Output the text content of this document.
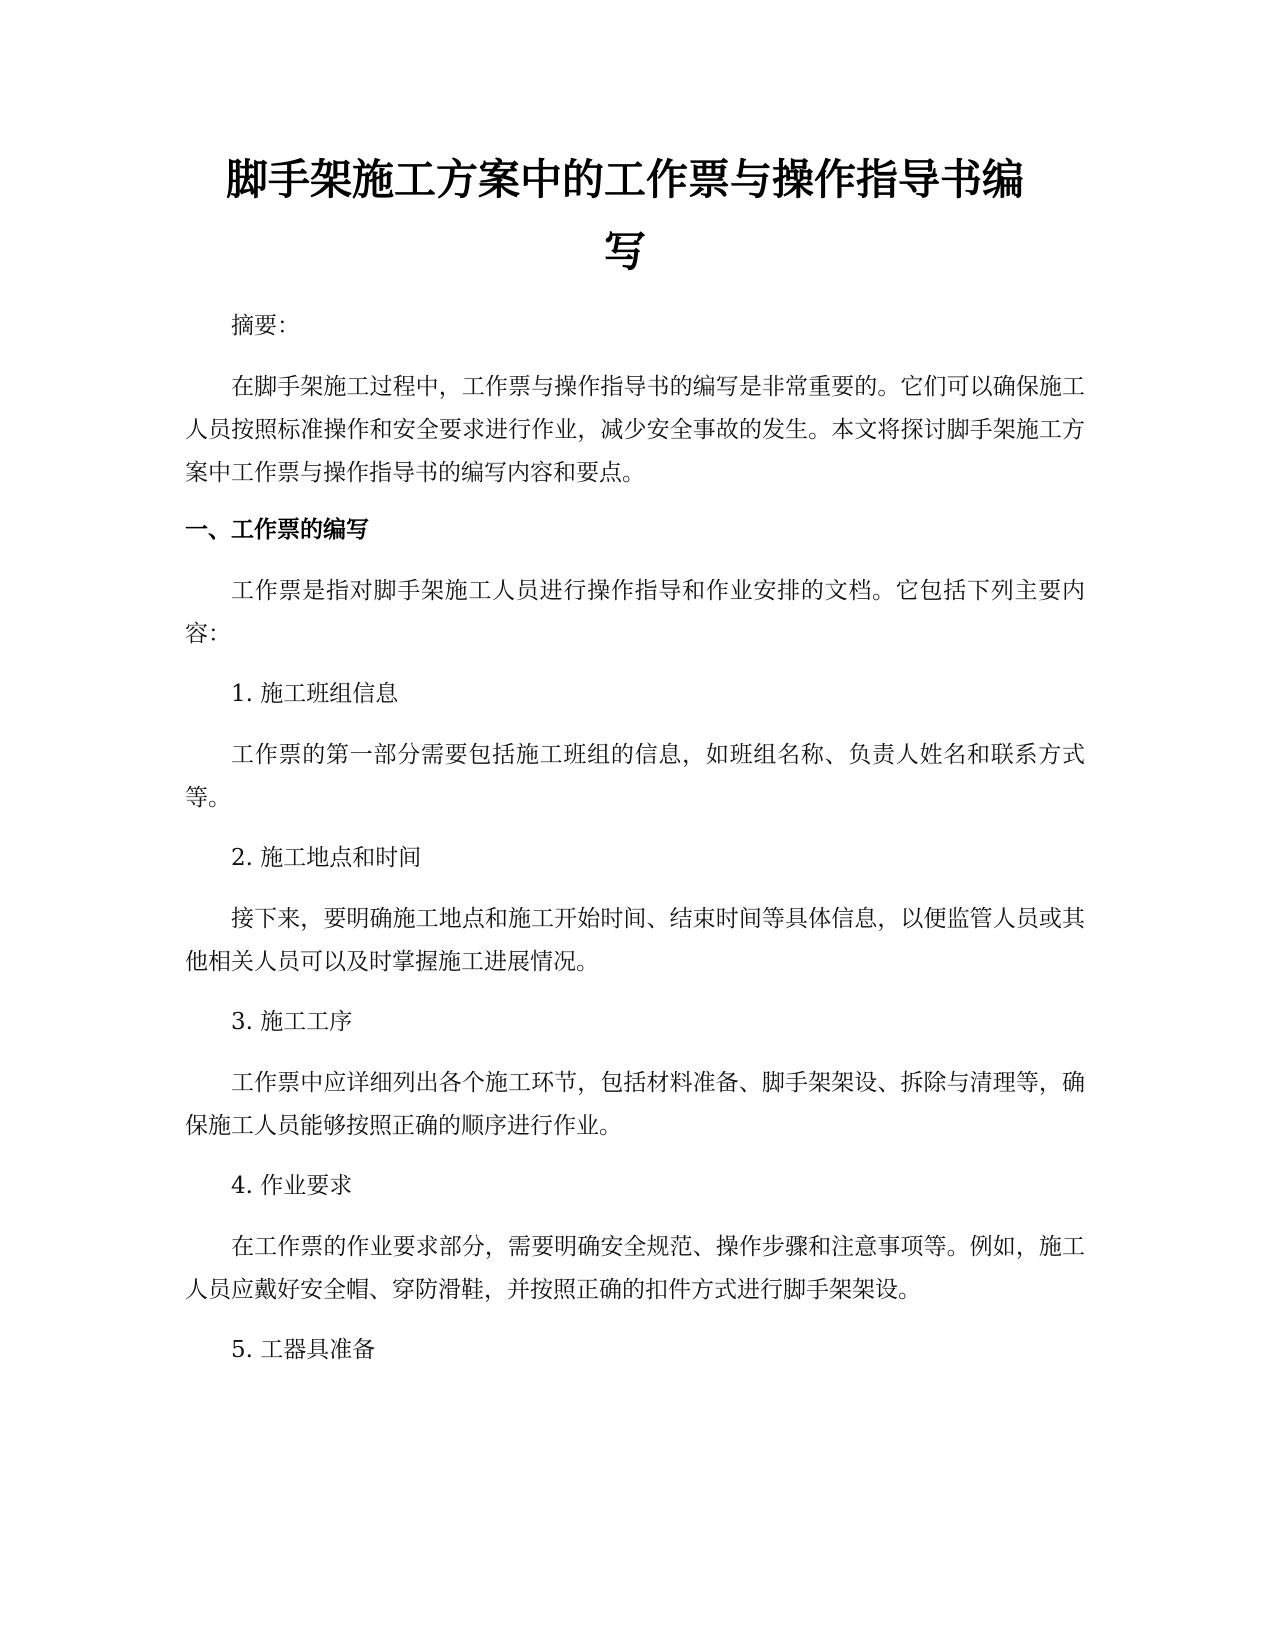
脚手架施工方案中的工作票与操作指导书编
写

摘要：

在脚手架施工过程中，工作票与操作指导书的编写是非常重要的。它们可以确保施工人员按照标准操作和安全要求进行作业，减少安全事故的发生。本文将探讨脚手架施工方案中工作票与操作指导书的编写内容和要点。

一、工作票的编写

工作票是指对脚手架施工人员进行操作指导和作业安排的文档。它包括下列主要内容：

1. 施工班组信息

工作票的第一部分需要包括施工班组的信息，如班组名称、负责人姓名和联系方式等。

2. 施工地点和时间

接下来，要明确施工地点和施工开始时间、结束时间等具体信息，以便监管人员或其他相关人员可以及时掌握施工进展情况。

3. 施工工序

工作票中应详细列出各个施工环节，包括材料准备、脚手架架设、拆除与清理等，确保施工人员能够按照正确的顺序进行作业。

4. 作业要求

在工作票的作业要求部分，需要明确安全规范、操作步骤和注意事项等。例如，施工人员应戴好安全帽、穿防滑鞋，并按照正确的扣件方式进行脚手架架设。

5. 工器具准备
